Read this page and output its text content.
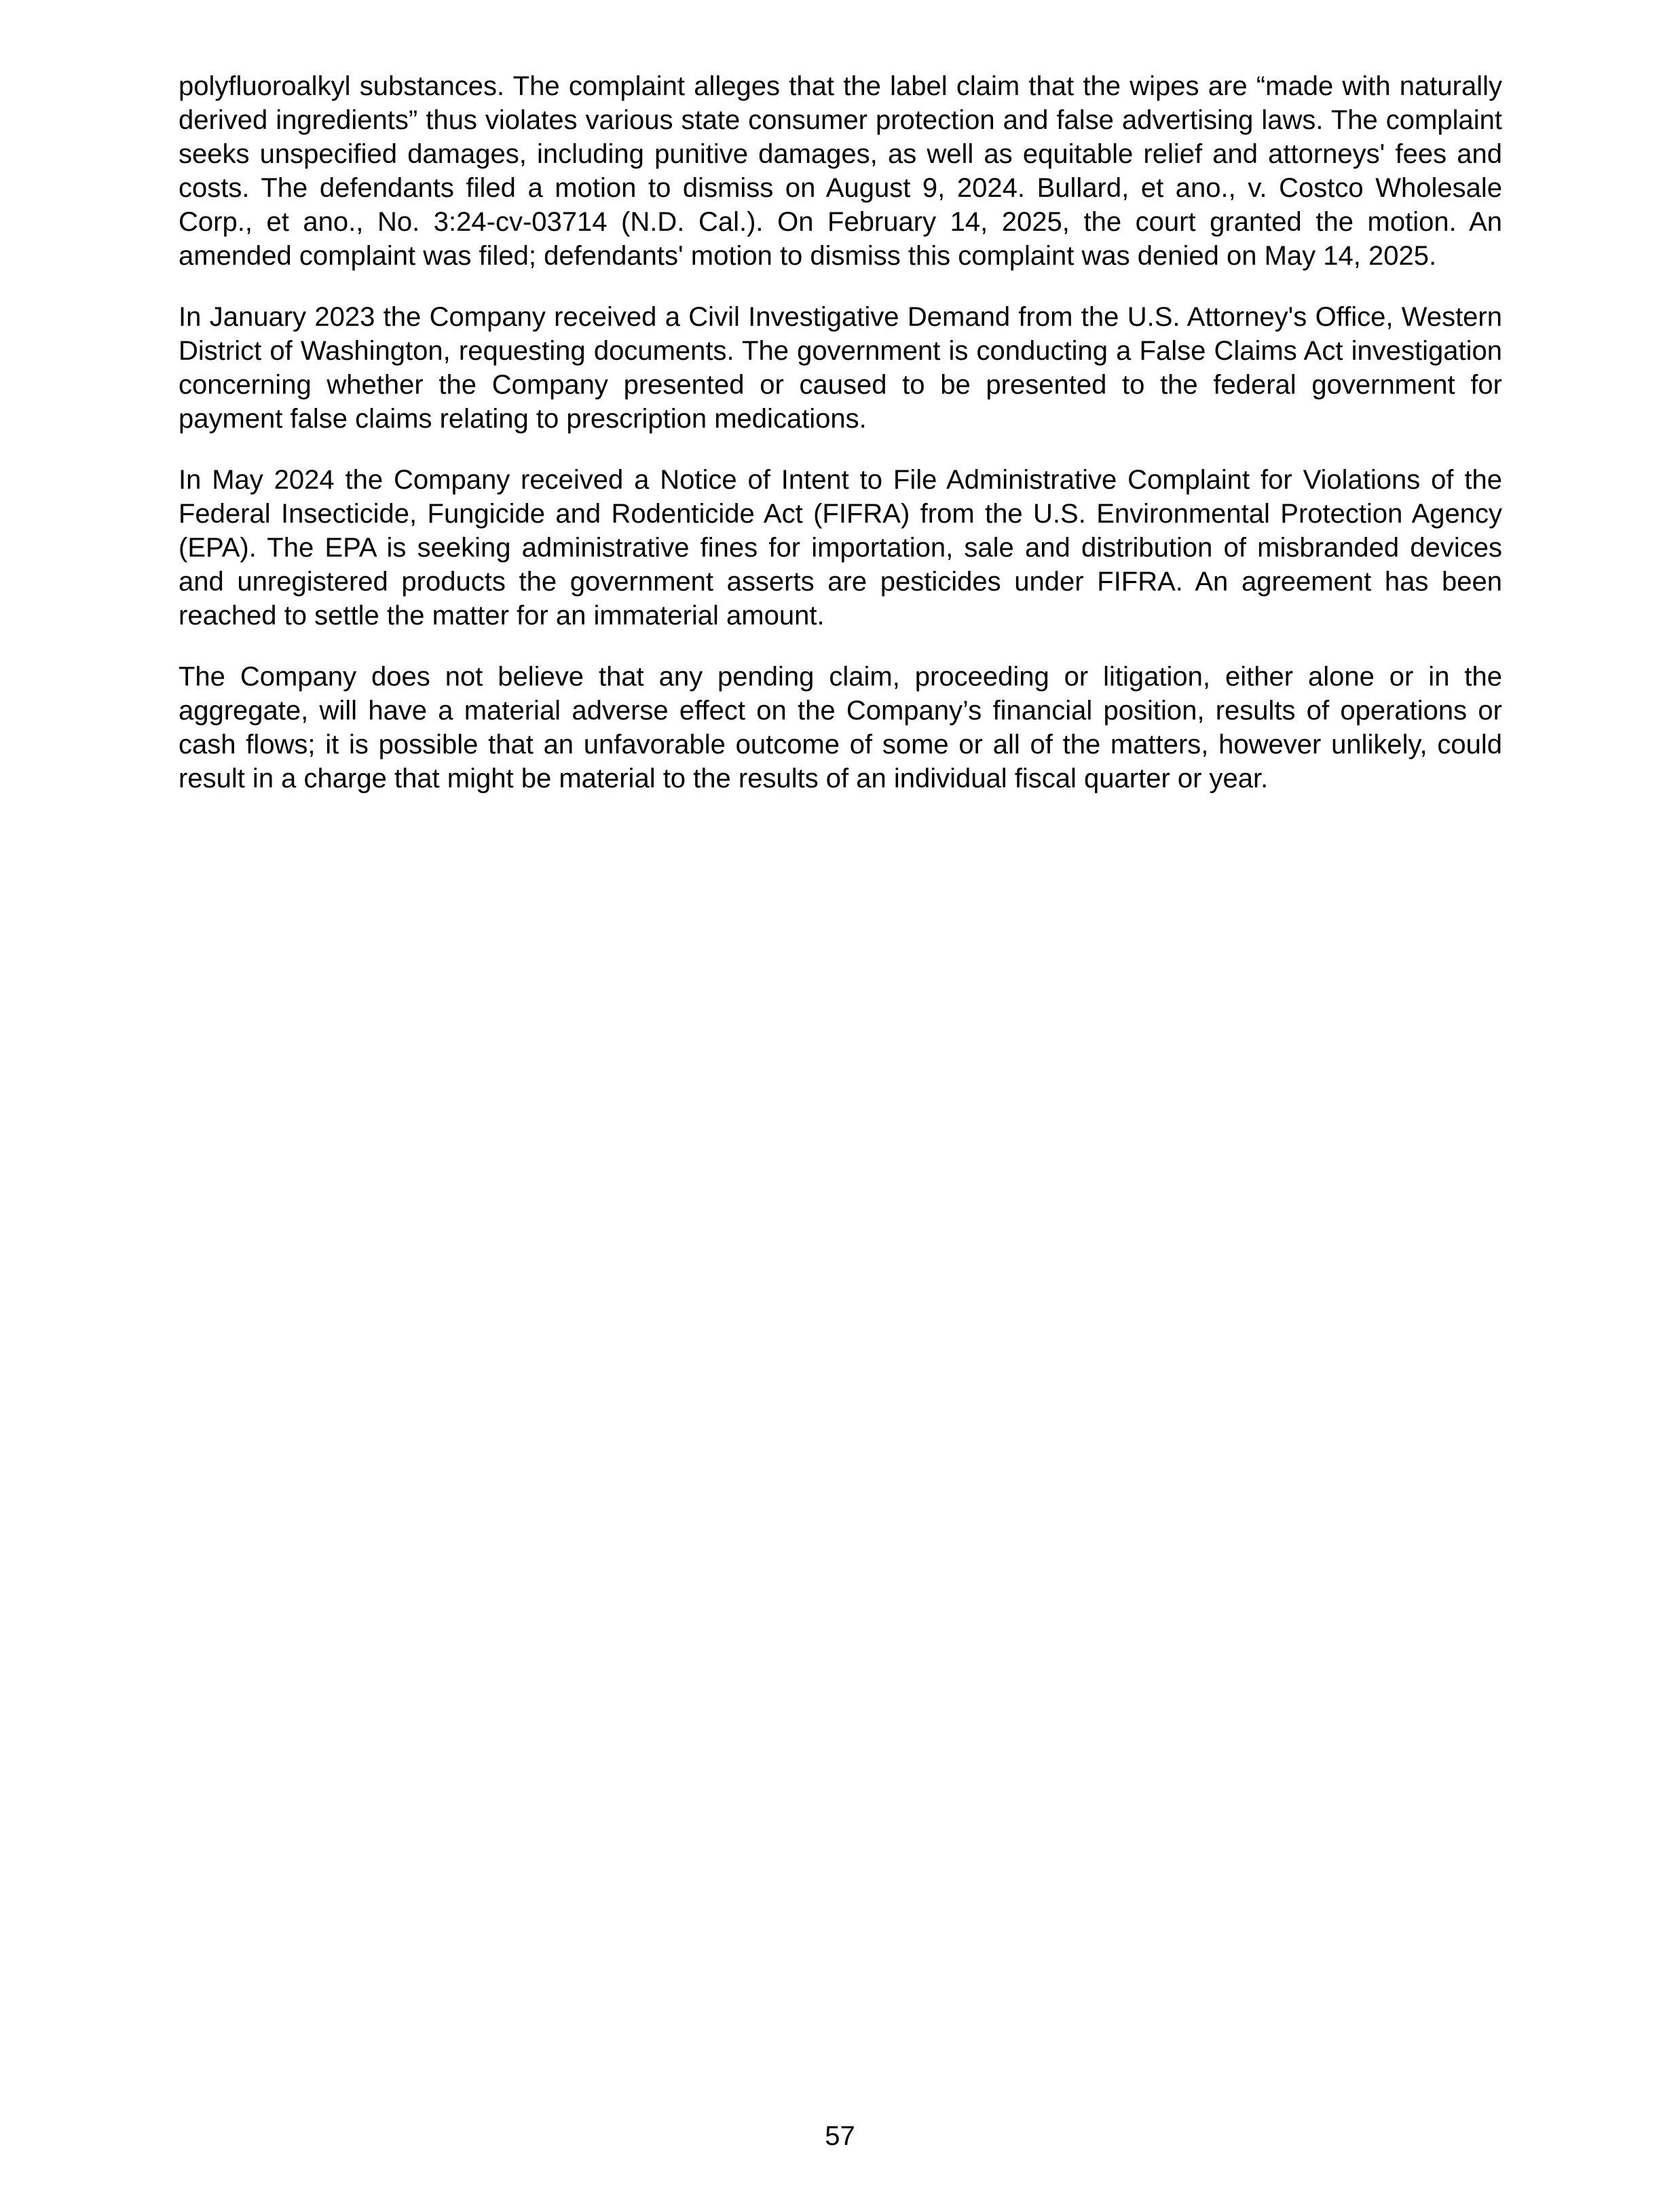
polyfluoroalkyl substances. The complaint alleges that the label claim that the wipes are “made with naturally derived ingredients” thus violates various state consumer protection and false advertising laws. The complaint seeks unspecified damages, including punitive damages, as well as equitable relief and attorneys' fees and costs. The defendants filed a motion to dismiss on August 9, 2024. Bullard, et ano., v. Costco Wholesale Corp., et ano., No. 3:24-cv-03714 (N.D. Cal.). On February 14, 2025, the court granted the motion. An amended complaint was filed; defendants' motion to dismiss this complaint was denied on May 14, 2025.

In January 2023 the Company received a Civil Investigative Demand from the U.S. Attorney's Office, Western District of Washington, requesting documents. The government is conducting a False Claims Act investigation concerning whether the Company presented or caused to be presented to the federal government for payment false claims relating to prescription medications.

In May 2024 the Company received a Notice of Intent to File Administrative Complaint for Violations of the Federal Insecticide, Fungicide and Rodenticide Act (FIFRA) from the U.S. Environmental Protection Agency (EPA). The EPA is seeking administrative fines for importation, sale and distribution of misbranded devices and unregistered products the government asserts are pesticides under FIFRA. An agreement has been reached to settle the matter for an immaterial amount.

The Company does not believe that any pending claim, proceeding or litigation, either alone or in the aggregate, will have a material adverse effect on the Company’s financial position, results of operations or cash flows; it is possible that an unfavorable outcome of some or all of the matters, however unlikely, could result in a charge that might be material to the results of an individual fiscal quarter or year.

57
